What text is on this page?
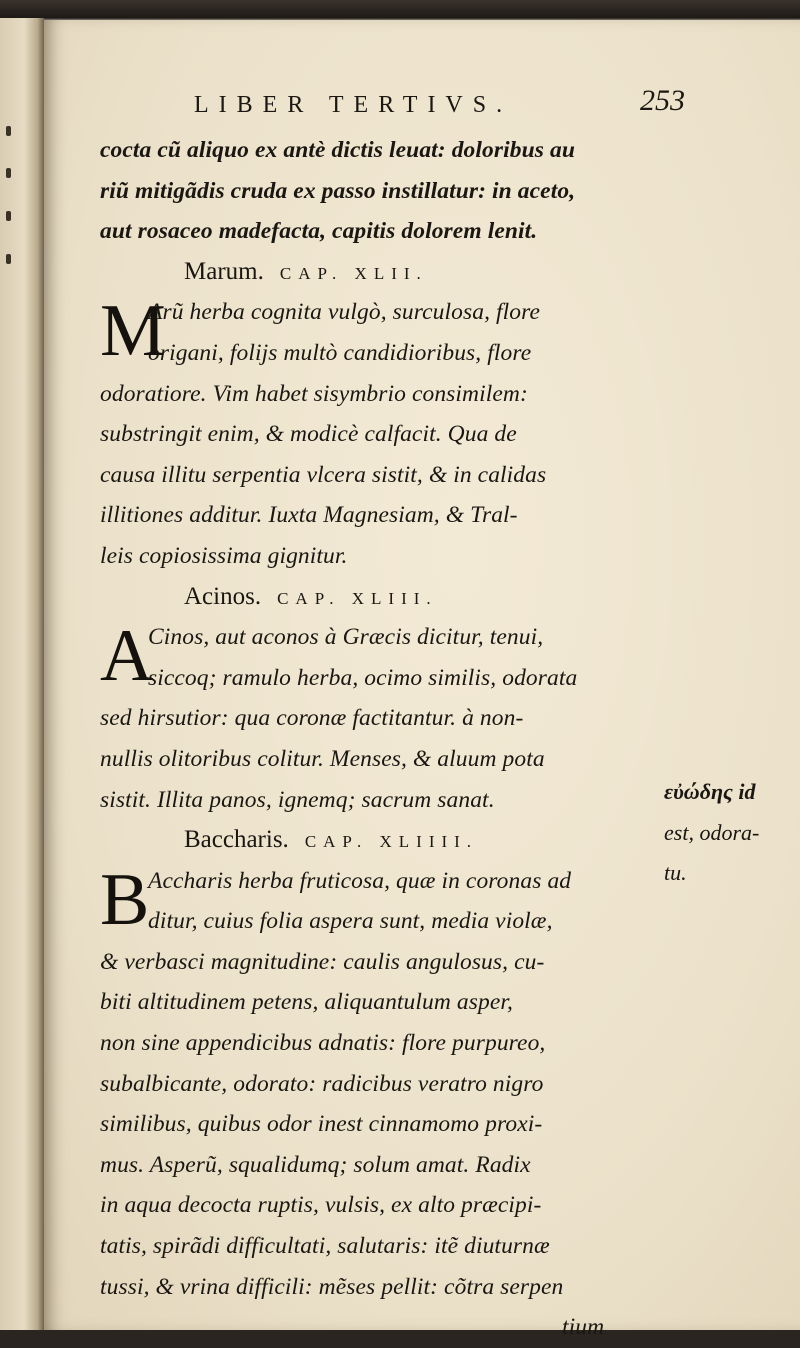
LIBER TERTIVS.	253
cocta cũ aliquo ex antè dictis leuat: doloribus au
riũ mitigãdis cruda ex passo instillatur: in aceto,
aut rosaceo madefacta, capitis dolorem lenit.
Marum. CAP. XLII.
M
Arũ herba cognita vulgò, surculosa, flore
origani, folijs multò candidioribus, flore
odoratiore. Vim habet sisymbrio consimilem:
substringit enim, & modicè calfacit. Qua de
causa illitu serpentia vlcera sistit, & in calidas
illitiones additur. Iuxta Magnesiam, & Tral-
leis copiosissima gignitur.
Acinos. CAP. XLIII.
A
Cinos, aut aconos à Græcis dicitur, tenui,
siccoq; ramulo herba, ocimo similis, odorata
sed hirsutior: qua coronæ factitantur. à non-
nullis olitoribus colitur. Menses, & aluum pota
sistit. Illita panos, ignemq; sacrum sanat.
Baccharis. CAP. XLIIII.
B
Accharis herba fruticosa, quæ in coronas ad
ditur, cuius folia aspera sunt, media violæ,
& verbasci magnitudine: caulis angulosus, cu-
biti altitudinem petens, aliquantulum asper,
non sine appendicibus adnatis: flore purpureo,
subalbicante, odorato: radicibus veratro nigro
similibus, quibus odor inest cinnamomo proxi-
mus. Asperũ, squalidumq; solum amat. Radix
in aqua decocta ruptis, vulsis, ex alto præcipi-
tatis, spirãdi difficultati, salutaris: itẽ diuturnæ
tussi, & vrina difficili: mẽses pellit: cõtra serpen
tium
εὐώδης id
est, odora-
tu.
